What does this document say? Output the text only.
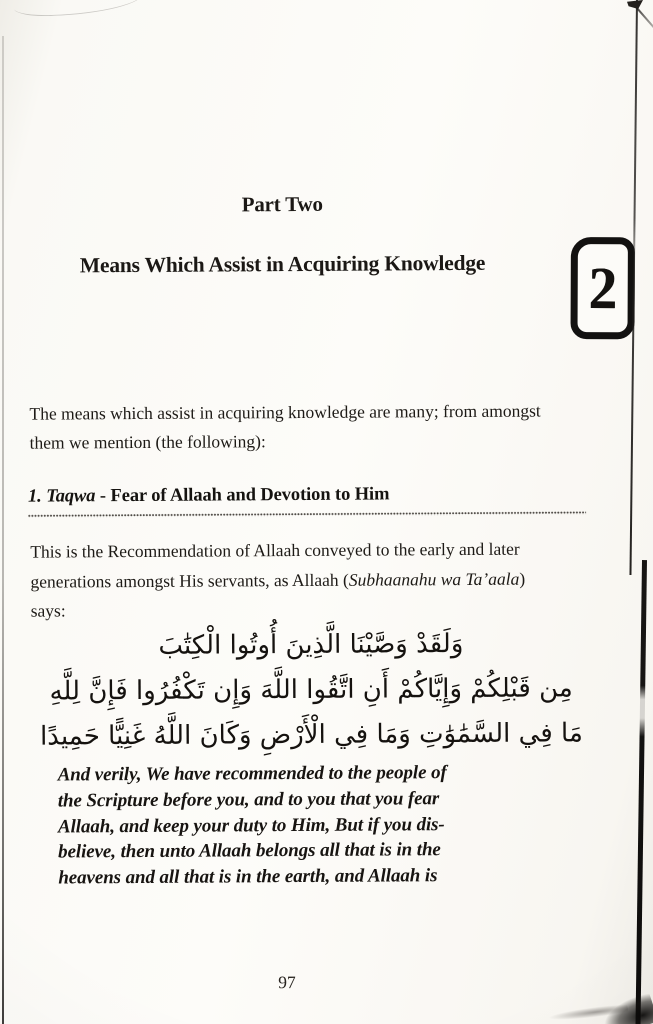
Part Two
Means Which Assist in Acquiring Knowledge	2
The means which assist in acquiring knowledge are many; from amongst
them we mention (the following):
1. Taqwa - Fear of Allaah and Devotion to Him
This is the Recommendation of Allaah conveyed to the early and later
generations amongst His servants, as Allaah (Subhaanahu wa Ta’aala)
says:
وَلَقَدْ وَصَّيْنَا الَّذِينَ أُوتُوا الْكِتَٰبَ
مِن قَبْلِكُمْ وَإِيَّاكُمْ أَنِ اتَّقُوا اللَّهَ وَإِن تَكْفُرُوا فَإِنَّ لِلَّهِ
مَا فِي السَّمَٰوَٰتِ وَمَا فِي الْأَرْضِ وَكَانَ اللَّهُ غَنِيًّا حَمِيدًا
And verily, We have recommended to the people of
the Scripture before you, and to you that you fear
Allaah, and keep your duty to Him, But if you dis-
believe, then unto Allaah belongs all that is in the
heavens and all that is in the earth, and Allaah is
97
